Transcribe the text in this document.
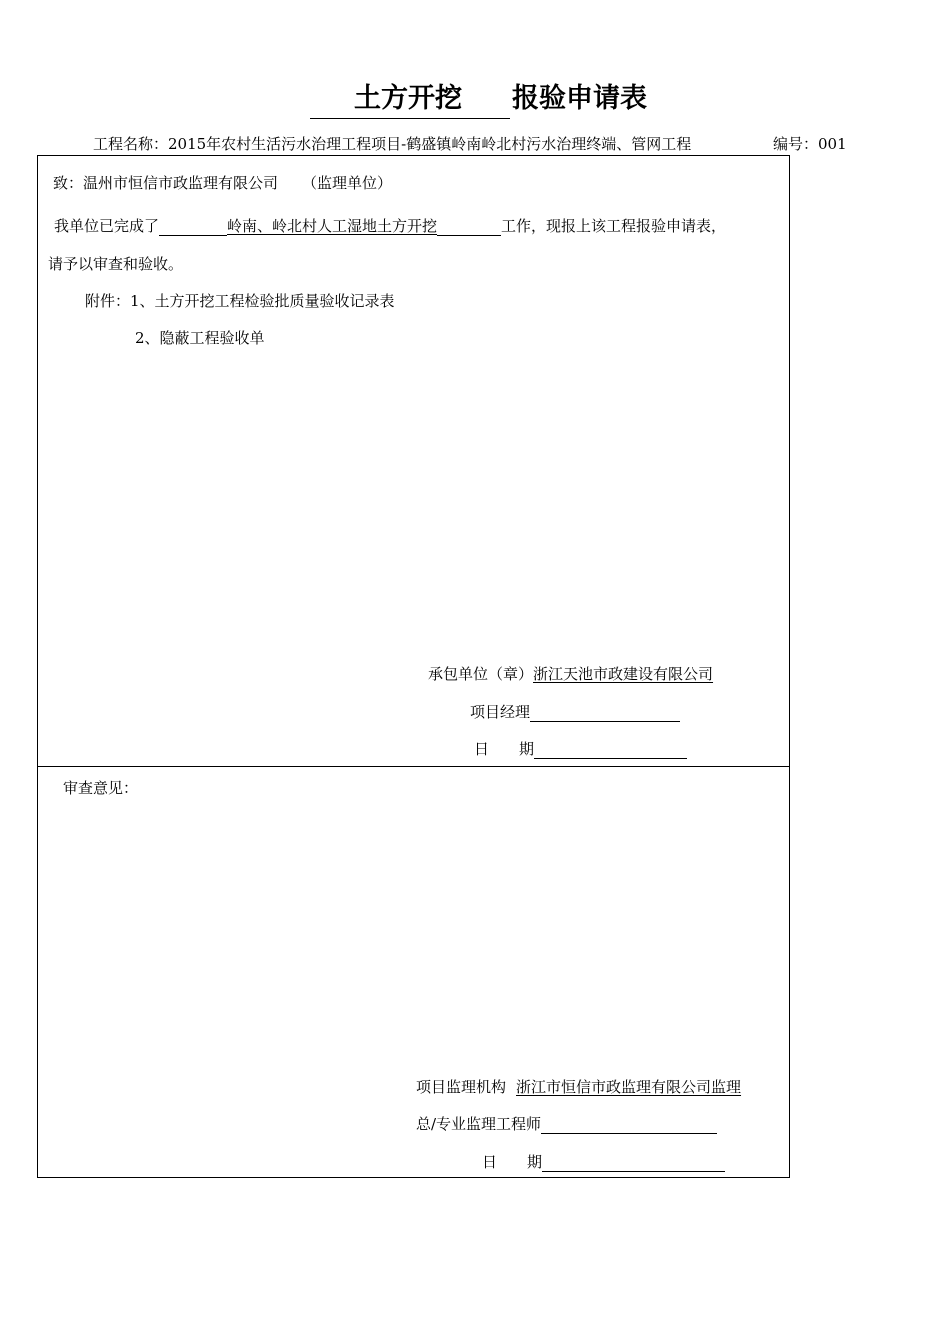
土方开挖 报验申请表
工程名称：2015年农村生活污水治理工程项目-鹤盛镇岭南岭北村污水治理终端、管网工程	编号：001
致：温州市恒信市政监理有限公司 （监理单位）
我单位已完成了	岭南、岭北村人工湿地土方开挖	工作，现报上该工程报验申请表，
请予以审查和验收。
附件：1、土方开挖工程检验批质量验收记录表
2、隐蔽工程验收单
承包单位（章）浙江天池市政建设有限公司
项目经理
日　　期
审查意见：
项目监理机构 浙江市恒信市政监理有限公司监理
总/专业监理工程师
日　　期
